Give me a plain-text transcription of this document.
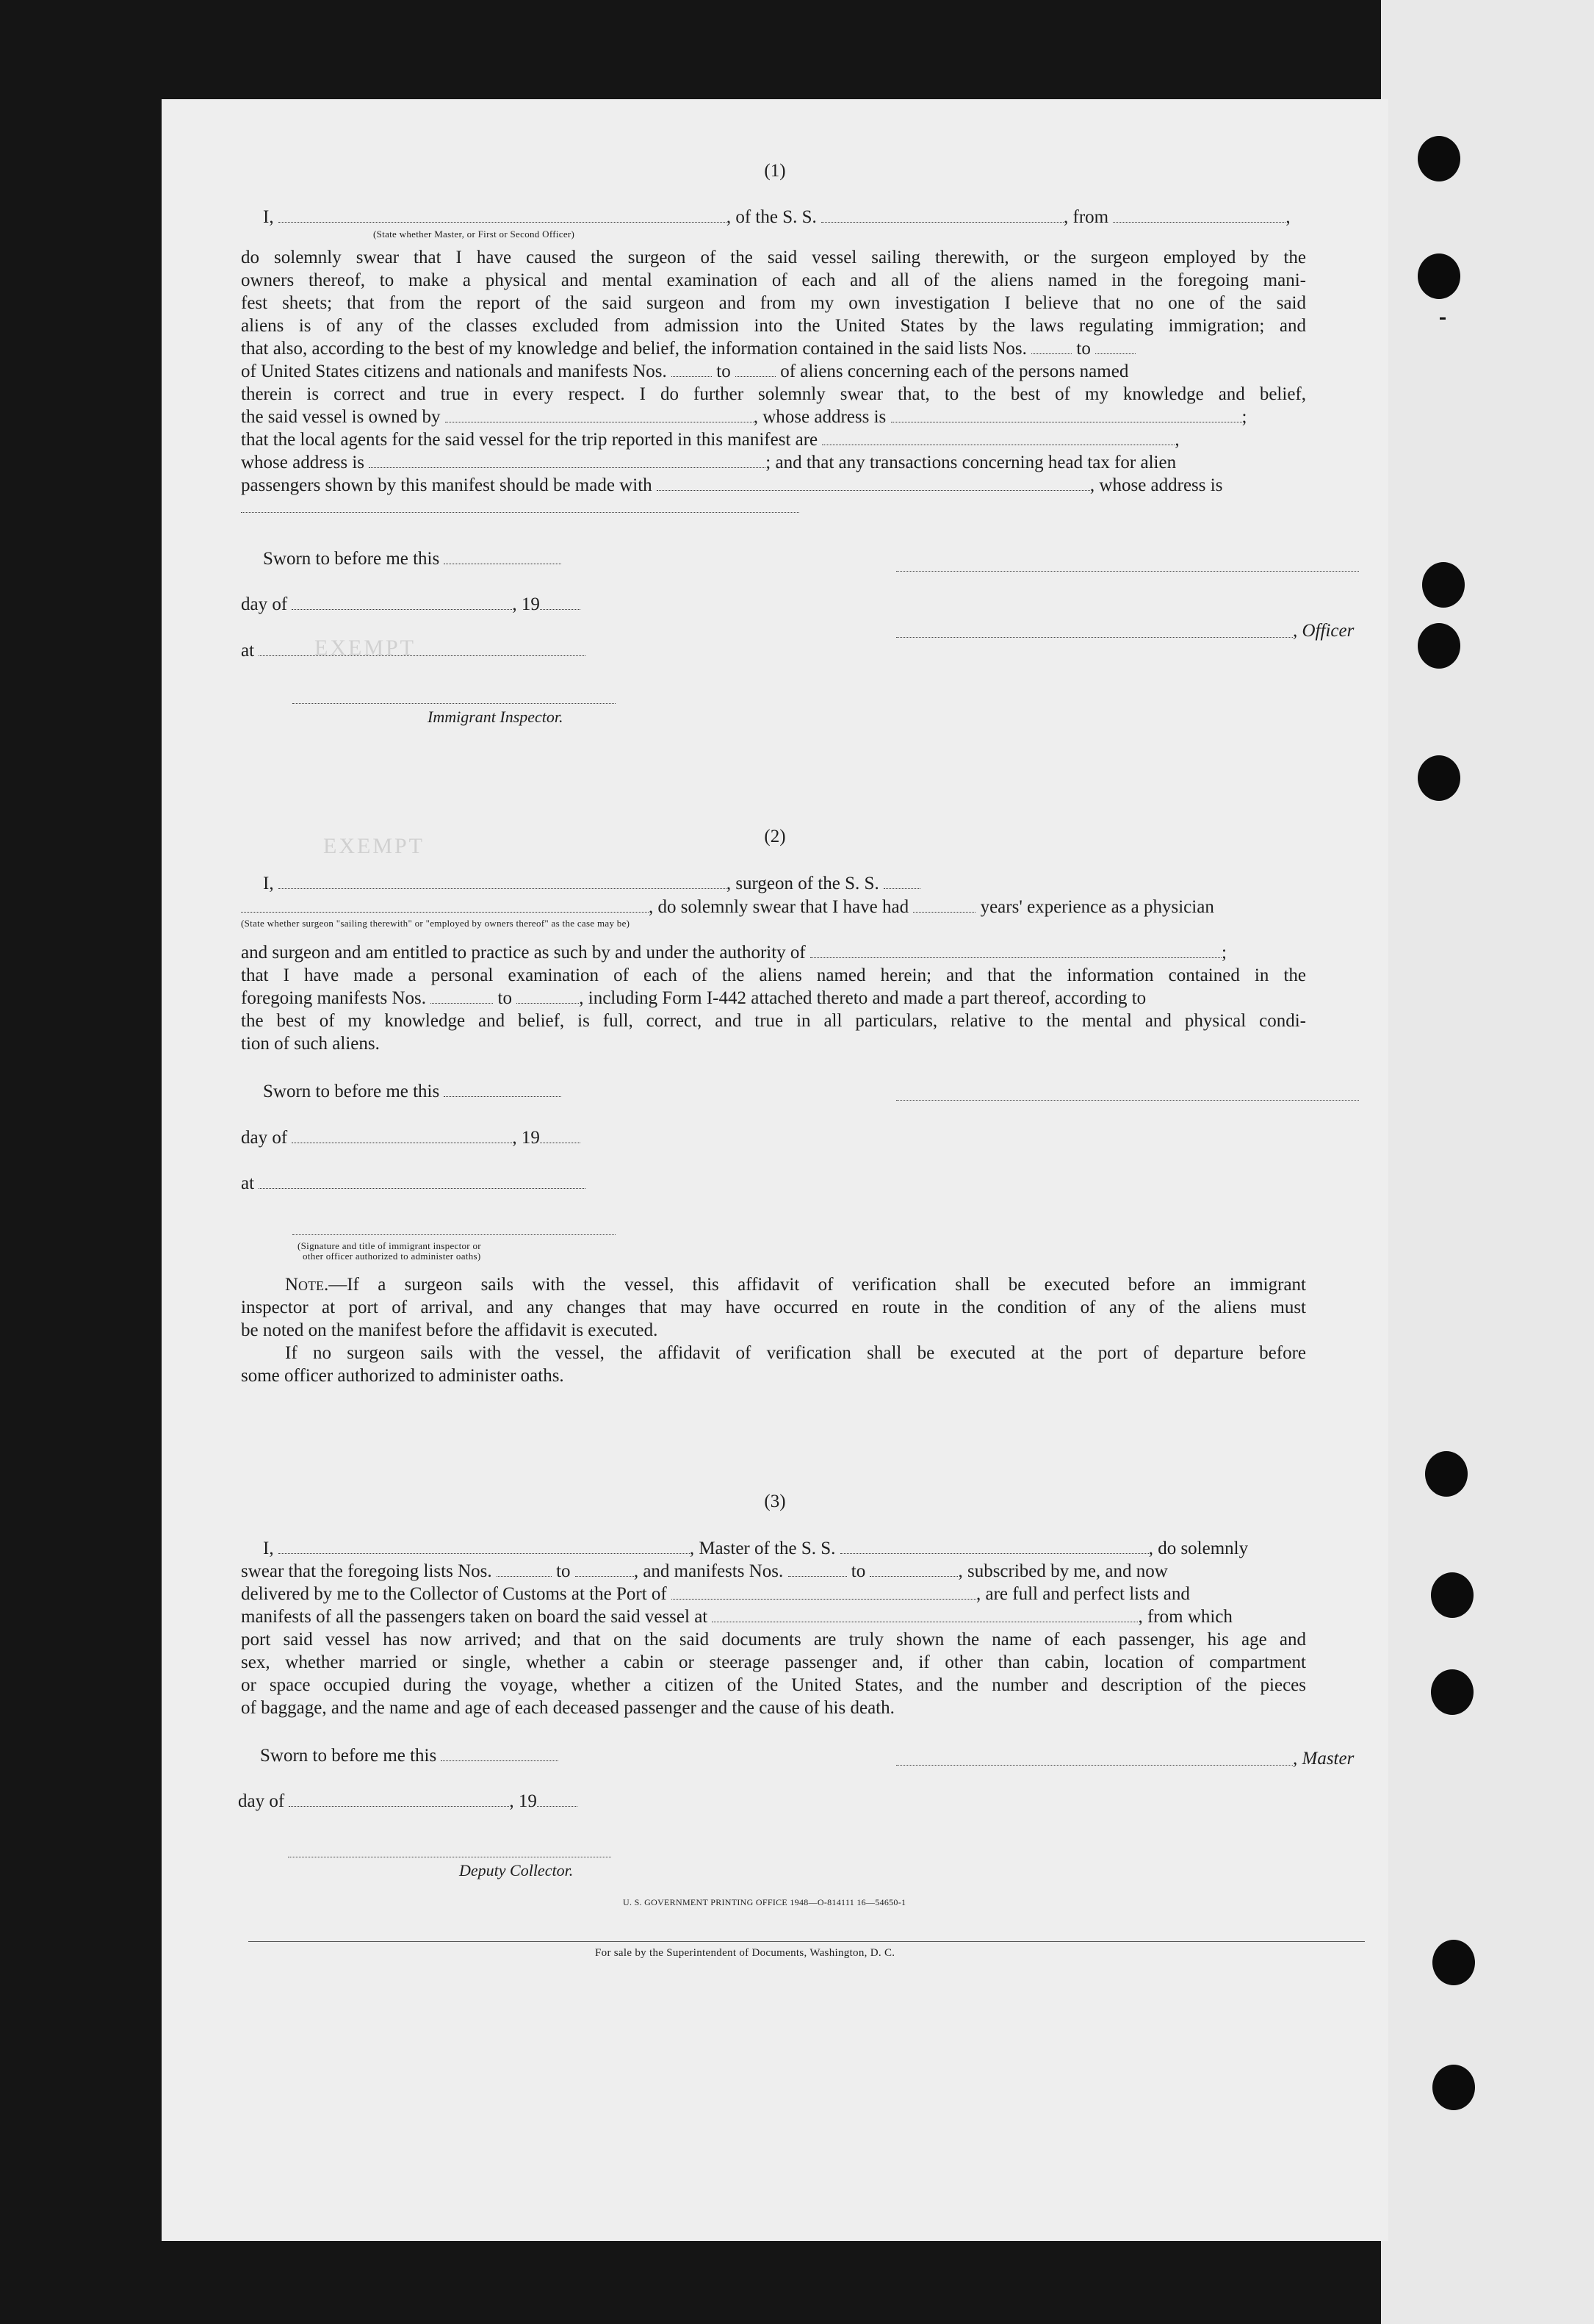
(1)
I,	, of the S. S.	, from	,
(State whether Master, or First or Second Officer)
do solemnly swear that I have caused the surgeon of the said vessel sailing therewith, or the surgeon employed by the
owners thereof, to make a physical and mental examination of each and all of the aliens named in the foregoing mani-
fest sheets; that from the report of the said surgeon and from my own investigation I believe that no one of the said
aliens is of any of the classes excluded from admission into the United States by the laws regulating immigration; and
that also, according to the best of my knowledge and belief, the information contained in the said lists Nos.	to
of United States citizens and nationals and manifests Nos.	to	of aliens concerning each of the persons named
therein is correct and true in every respect. I do further solemnly swear that, to the best of my knowledge and belief,
the said vessel is owned by	, whose address is	;
that the local agents for the said vessel for the trip reported in this manifest are	,
whose address is	; and that any transactions concerning head tax for alien
passengers shown by this manifest should be made with	, whose address is
Sworn to before me this
day of	, 19
at
Immigrant Inspector.
, Officer
EXEMPT
EXEMPT	(2)
I,	, surgeon of the S. S.
, do solemnly swear that I have had	years' experience as a physician
(State whether surgeon "sailing therewith" or "employed by owners thereof" as the case may be)
and surgeon and am entitled to practice as such by and under the authority of	;
that I have made a personal examination of each of the aliens named herein; and that the information contained in the
foregoing manifests Nos.	to	, including Form I-442 attached thereto and made a part thereof, according to
the best of my knowledge and belief, is full, correct, and true in all particulars, relative to the mental and physical condi-
tion of such aliens.
Sworn to before me this
day of	, 19
at
(Signature and title of immigrant inspector or
other officer authorized to administer oaths)
Note.—If a surgeon sails with the vessel, this affidavit of verification shall be executed before an immigrant
inspector at port of arrival, and any changes that may have occurred en route in the condition of any of the aliens must
be noted on the manifest before the affidavit is executed.
If no surgeon sails with the vessel, the affidavit of verification shall be executed at the port of departure before
some officer authorized to administer oaths.
(3)
I,	, Master of the S. S.	, do solemnly
swear that the foregoing lists Nos.	to	, and manifests Nos.	to	, subscribed by me, and now
delivered by me to the Collector of Customs at the Port of	, are full and perfect lists and
manifests of all the passengers taken on board the said vessel at	, from which
port said vessel has now arrived; and that on the said documents are truly shown the name of each passenger, his age and
sex, whether married or single, whether a cabin or steerage passenger and, if other than cabin, location of compartment
or space occupied during the voyage, whether a citizen of the United States, and the number and description of the pieces
of baggage, and the name and age of each deceased passenger and the cause of his death.
Sworn to before me this	, Master
day of	, 19
Deputy Collector.
U. S. GOVERNMENT PRINTING OFFICE 1948—O-814111 16—54650-1
For sale by the Superintendent of Documents, Washington, D. C.
